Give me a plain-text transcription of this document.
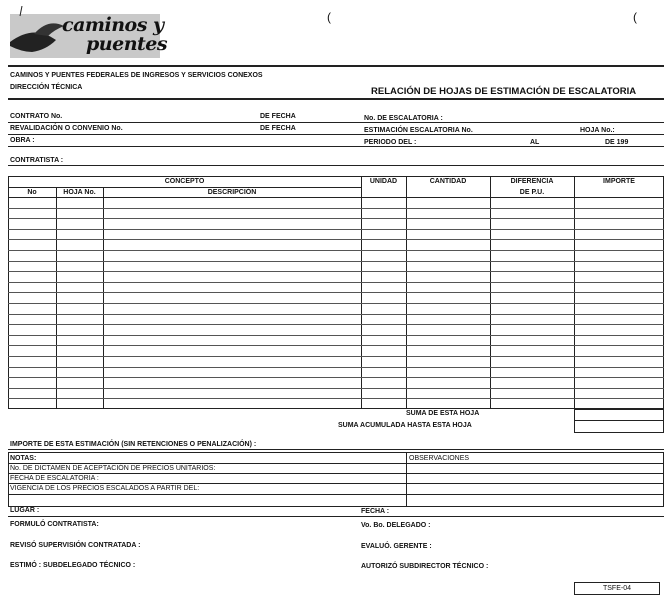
caminos y
puentes
(	(
CAMINOS Y PUENTES FEDERALES DE INGRESOS Y SERVICIOS CONEXOS
DIRECCIÓN TÉCNICA	RELACIÓN DE HOJAS DE ESTIMACIÓN DE ESCALATORIA
CONTRATO No.	DE FECHA	No. DE ESCALATORIA :
REVALIDACIÓN O CONVENIO No.	DE FECHA	ESTIMACIÓN ESCALATORIA No.	HOJA No.:
OBRA :	PERIODO DEL :	AL	DE 199
CONTRATISTA :
CONCEPTO
No	HOJA No.	DESCRIPCIÓN
UNIDAD	CANTIDAD	DIFERENCIA
DE P.U.
IMPORTE
SUMA DE ESTA HOJA
SUMA ACUMULADA HASTA ESTA HOJA
IMPORTE DE ESTA ESTIMACIÓN (SIN RETENCIONES O PENALIZACIÓN) :
NOTAS:
No. DE DICTAMEN DE ACEPTACIÓN DE PRECIOS UNITARIOS:
FECHA DE ESCALATORIA :
VIGENCIA DE LOS PRECIOS ESCALADOS A PARTIR DEL:
OBSERVACIONES
LUGAR :	FECHA :
FORMULÓ CONTRATISTA:	Vo. Bo. DELEGADO :
REVISÓ SUPERVISIÓN CONTRATADA :	EVALUÓ. GERENTE :
ESTIMÓ : SUBDELEGADO TÉCNICO :	AUTORIZÓ SUBDIRECTOR TÉCNICO :
TSFE-04
